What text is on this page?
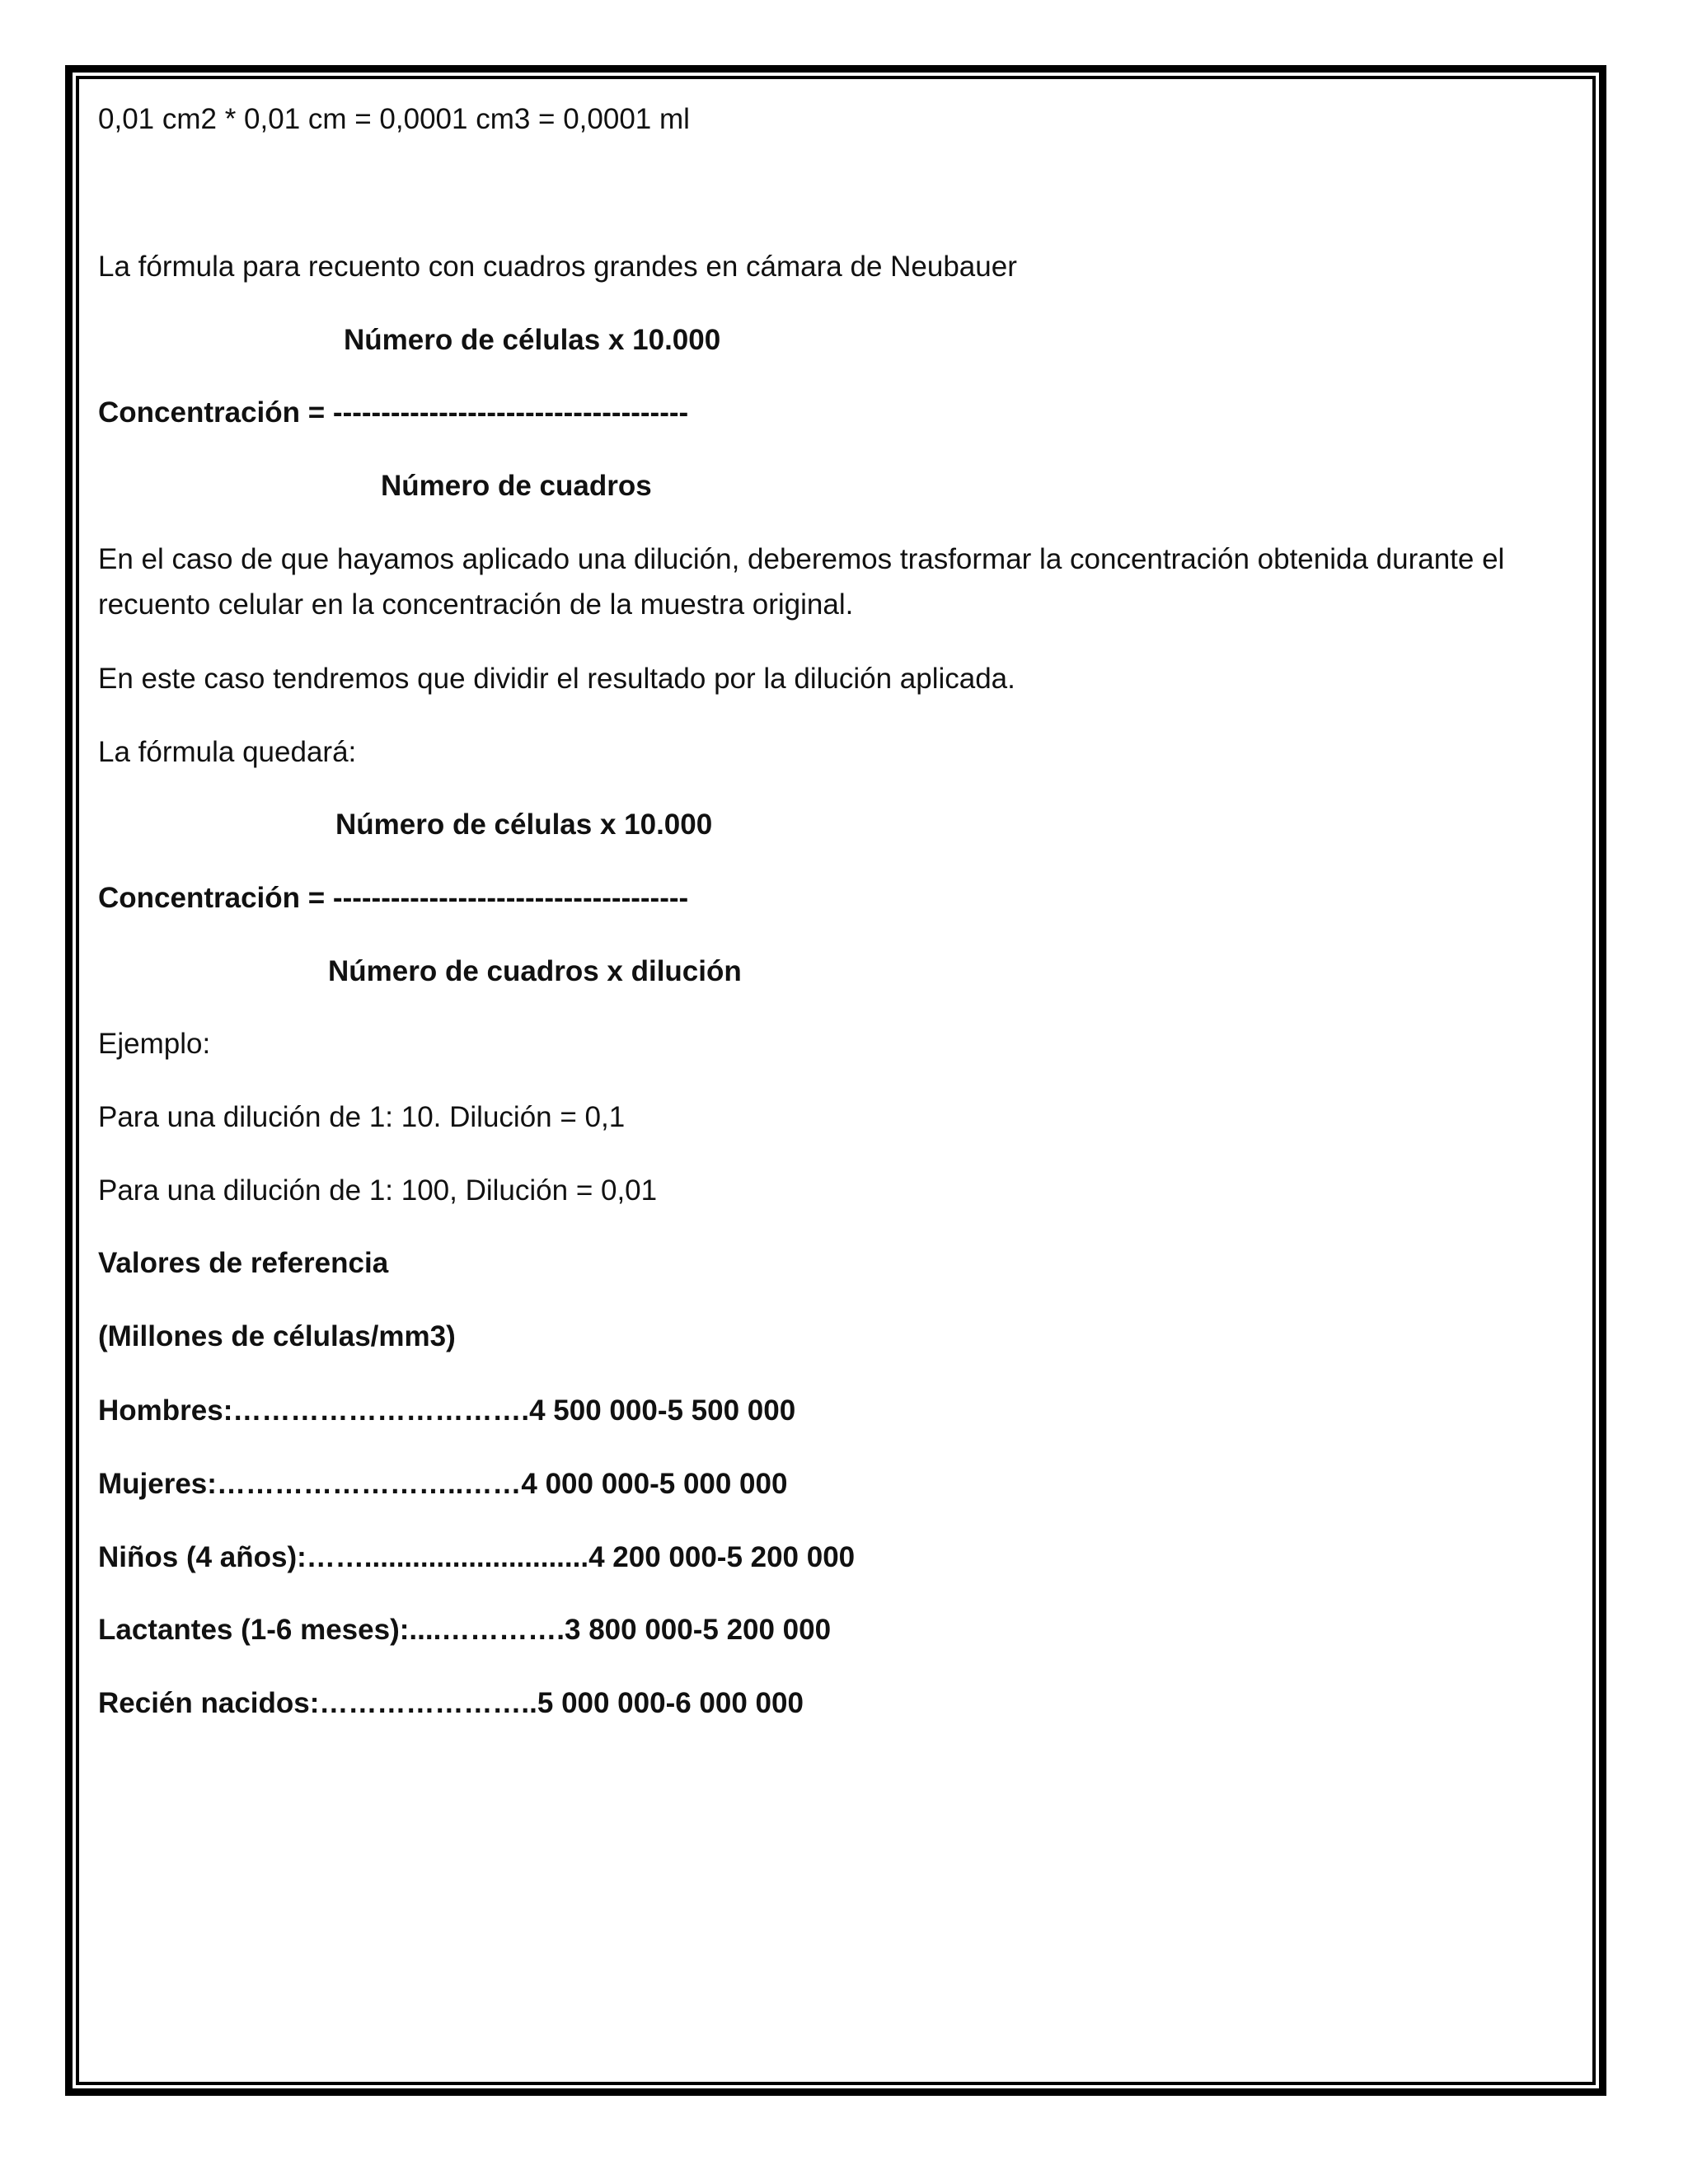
0,01 cm2 * 0,01 cm = 0,0001 cm3 = 0,0001 ml
La fórmula para recuento con cuadros grandes en cámara de Neubauer
Número de células x 10.000
Concentración = -------------------------------------
Número de cuadros
En el caso de que hayamos aplicado una dilución, deberemos trasformar la concentración obtenida durante el recuento celular en la concentración de la muestra original.
En este caso tendremos que dividir el resultado por la dilución aplicada.
La fórmula quedará:
Número de células x 10.000
Concentración = -------------------------------------
Número de cuadros x dilución
Ejemplo:
Para una dilución de 1: 10. Dilución = 0,1
Para una dilución de 1: 100, Dilución = 0,01
Valores de referencia
(Millones de células/mm3)
Hombres:………………………….4 500 000-5 500 000
Mujeres:……………………..……4 000 000-5 000 000
Niños (4 años):……............................4 200 000-5 200 000
Lactantes (1-6 meses):....………….3 800 000-5 200 000
Recién nacidos:…………………..5 000 000-6 000 000
